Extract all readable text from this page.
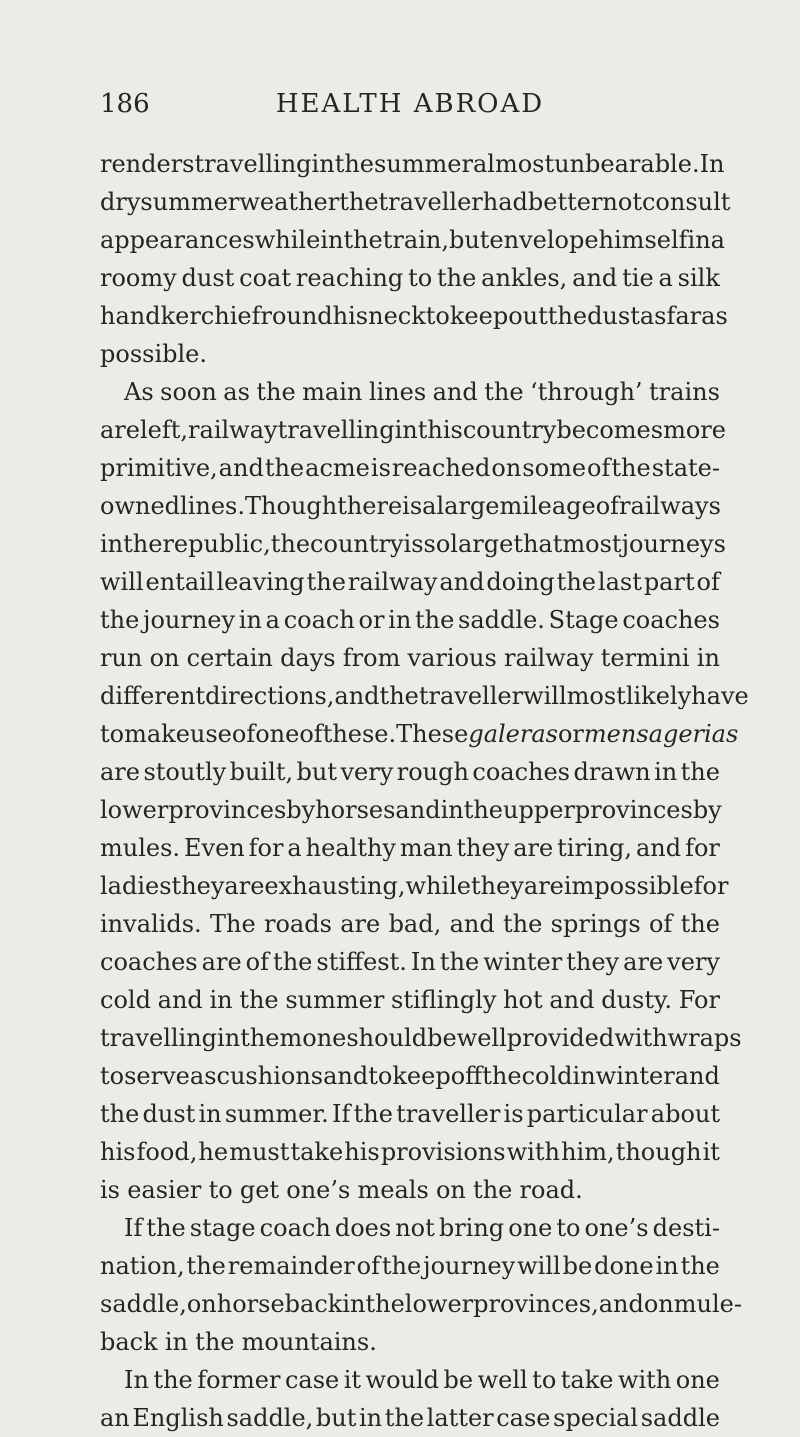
186	HEALTH ABROAD
renders travelling in the summer almost unbearable. In
dry summer weather the traveller had better not consult
appearances while in the train, but envelope himself in a
roomy dust coat reaching to the ankles, and tie a silk
handkerchief round his neck to keep out the dust as far as
possible.
As soon as the main lines and the ‘through’ trains
are left, railway travelling in this country becomes more
primitive, and the acme is reached on some of the state-
owned lines. Though there is a large mileage of railways
in the republic, the country is so large that most journeys
will entail leaving the railway and doing the last part of
the journey in a coach or in the saddle. Stage coaches
run on certain days from various railway termini in
different directions, and the traveller will most likely have
to make use of one of these. These galeras or mensagerias
are stoutly built, but very rough coaches drawn in the
lower provinces by horses and in the upper provinces by
mules. Even for a healthy man they are tiring, and for
ladies they are exhausting, while they are impossible for
invalids. The roads are bad, and the springs of the
coaches are of the stiffest. In the winter they are very
cold and in the summer stiflingly hot and dusty. For
travelling in them one should be well provided with wraps
to serve as cushions and to keep off the cold in winter and
the dust in summer. If the traveller is particular about
his food, he must take his provisions with him, though it
is easier to get one’s meals on the road.
If the stage coach does not bring one to one’s desti-
nation, the remainder of the journey will be done in the
saddle, on horseback in the lower provinces, and on mule-
back in the mountains.
In the former case it would be well to take with one
an English saddle, but in the latter case special saddle
